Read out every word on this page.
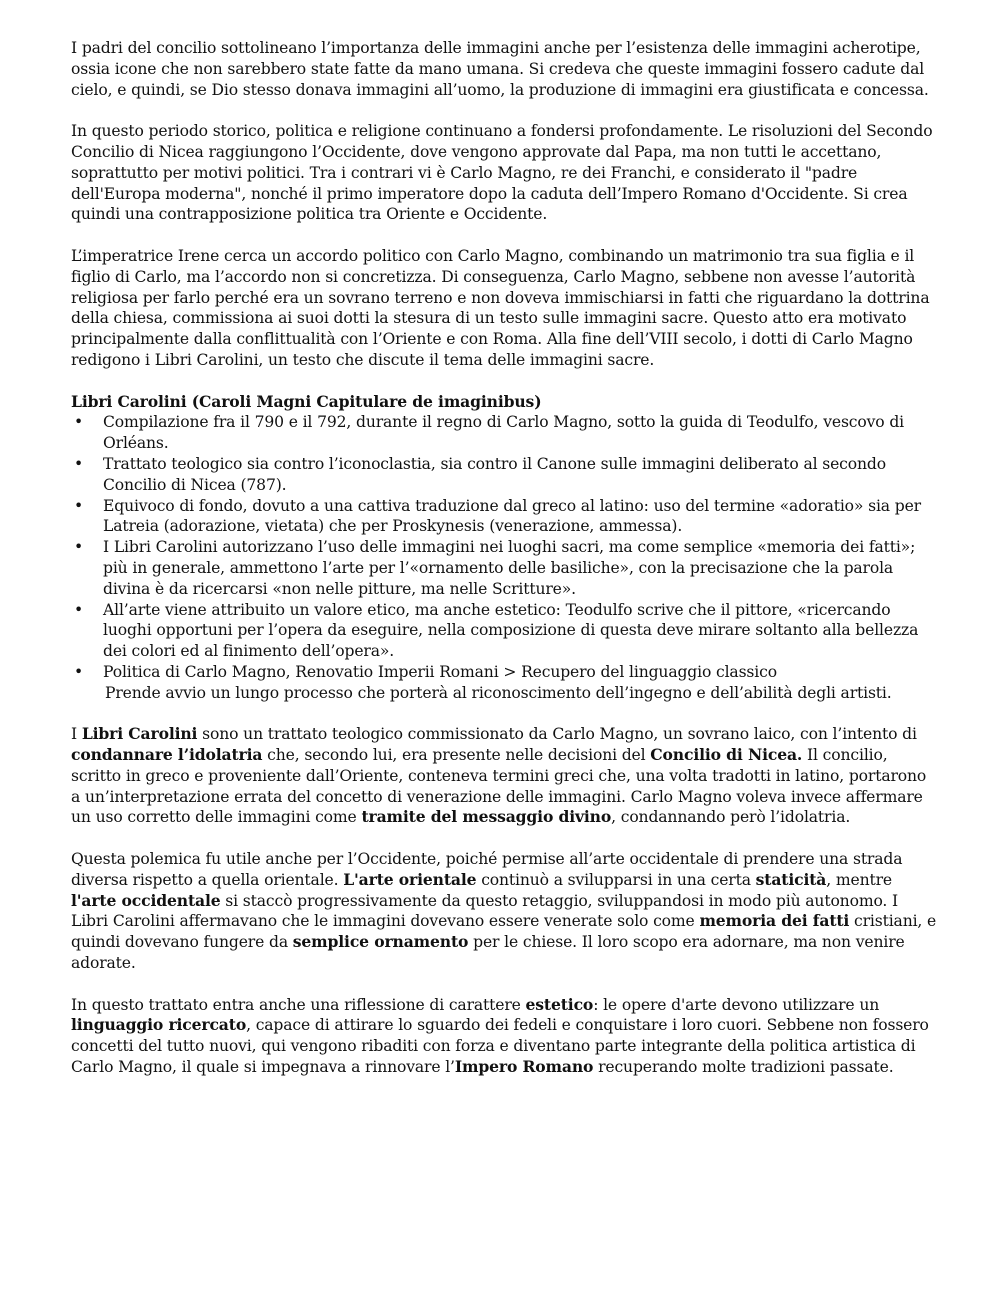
I padri del concilio sottolineano l’importanza delle immagini anche per l’esistenza delle immagini acherotipe, ossia icone che non sarebbero state fatte da mano umana. Si credeva che queste immagini fossero cadute dal cielo, e quindi, se Dio stesso donava immagini all’uomo, la produzione di immagini era giustificata e concessa.

In questo periodo storico, politica e religione continuano a fondersi profondamente. Le risoluzioni del Secondo Concilio di Nicea raggiungono l’Occidente, dove vengono approvate dal Papa, ma non tutti le accettano, soprattutto per motivi politici. Tra i contrari vi è Carlo Magno, re dei Franchi, e considerato il "padre dell'Europa moderna", nonché il primo imperatore dopo la caduta dell’Impero Romano d'Occidente. Si crea quindi una contrapposizione politica tra Oriente e Occidente.

L’imperatrice Irene cerca un accordo politico con Carlo Magno, combinando un matrimonio tra sua figlia e il figlio di Carlo, ma l’accordo non si concretizza. Di conseguenza, Carlo Magno, sebbene non avesse l’autorità religiosa per farlo perché era un sovrano terreno e non doveva immischiarsi in fatti che riguardano la dottrina della chiesa, commissiona ai suoi dotti la stesura di un testo sulle immagini sacre. Questo atto era motivato principalmente dalla conflittualità con l’Oriente e con Roma. Alla fine dell’VIII secolo, i dotti di Carlo Magno redigono i Libri Carolini, un testo che discute il tema delle immagini sacre.

Libri Carolini (Caroli Magni Capitulare de imaginibus)

• Compilazione fra il 790 e il 792, durante il regno di Carlo Magno, sotto la guida di Teodulfo, vescovo di Orléans.
• Trattato teologico sia contro l’iconoclastia, sia contro il Canone sulle immagini deliberato al secondo Concilio di Nicea (787).
• Equivoco di fondo, dovuto a una cattiva traduzione dal greco al latino: uso del termine «adoratio» sia per Latreia (adorazione, vietata) che per Proskynesis (venerazione, ammessa).
• I Libri Carolini autorizzano l’uso delle immagini nei luoghi sacri, ma come semplice «memoria dei fatti»; più in generale, ammettono l’arte per l’«ornamento delle basiliche», con la precisazione che la parola divina è da ricercarsi «non nelle pitture, ma nelle Scritture».
• All’arte viene attribuito un valore etico, ma anche estetico: Teodulfo scrive che il pittore, «ricercando luoghi opportuni per l’opera da eseguire, nella composizione di questa deve mirare soltanto alla bellezza dei colori ed al finimento dell’opera».
• Politica di Carlo Magno, Renovatio Imperii Romani > Recupero del linguaggio classico
Prende avvio un lungo processo che porterà al riconoscimento dell’ingegno e dell’abilità degli artisti.

I Libri Carolini sono un trattato teologico commissionato da Carlo Magno, un sovrano laico, con l’intento di condannare l’idolatria che, secondo lui, era presente nelle decisioni del Concilio di Nicea. Il concilio, scritto in greco e proveniente dall’Oriente, conteneva termini greci che, una volta tradotti in latino, portarono a un’interpretazione errata del concetto di venerazione delle immagini. Carlo Magno voleva invece affermare un uso corretto delle immagini come tramite del messaggio divino, condannando però l’idolatria.

Questa polemica fu utile anche per l’Occidente, poiché permise all’arte occidentale di prendere una strada diversa rispetto a quella orientale. L'arte orientale continuò a svilupparsi in una certa staticità, mentre l'arte occidentale si staccò progressivamente da questo retaggio, sviluppandosi in modo più autonomo. I Libri Carolini affermavano che le immagini dovevano essere venerate solo come memoria dei fatti cristiani, e quindi dovevano fungere da semplice ornamento per le chiese. Il loro scopo era adornare, ma non venire adorate.

In questo trattato entra anche una riflessione di carattere estetico: le opere d'arte devono utilizzare un linguaggio ricercato, capace di attirare lo sguardo dei fedeli e conquistare i loro cuori. Sebbene non fossero concetti del tutto nuovi, qui vengono ribaditi con forza e diventano parte integrante della politica artistica di Carlo Magno, il quale si impegnava a rinnovare l’Impero Romano recuperando molte tradizioni passate.
